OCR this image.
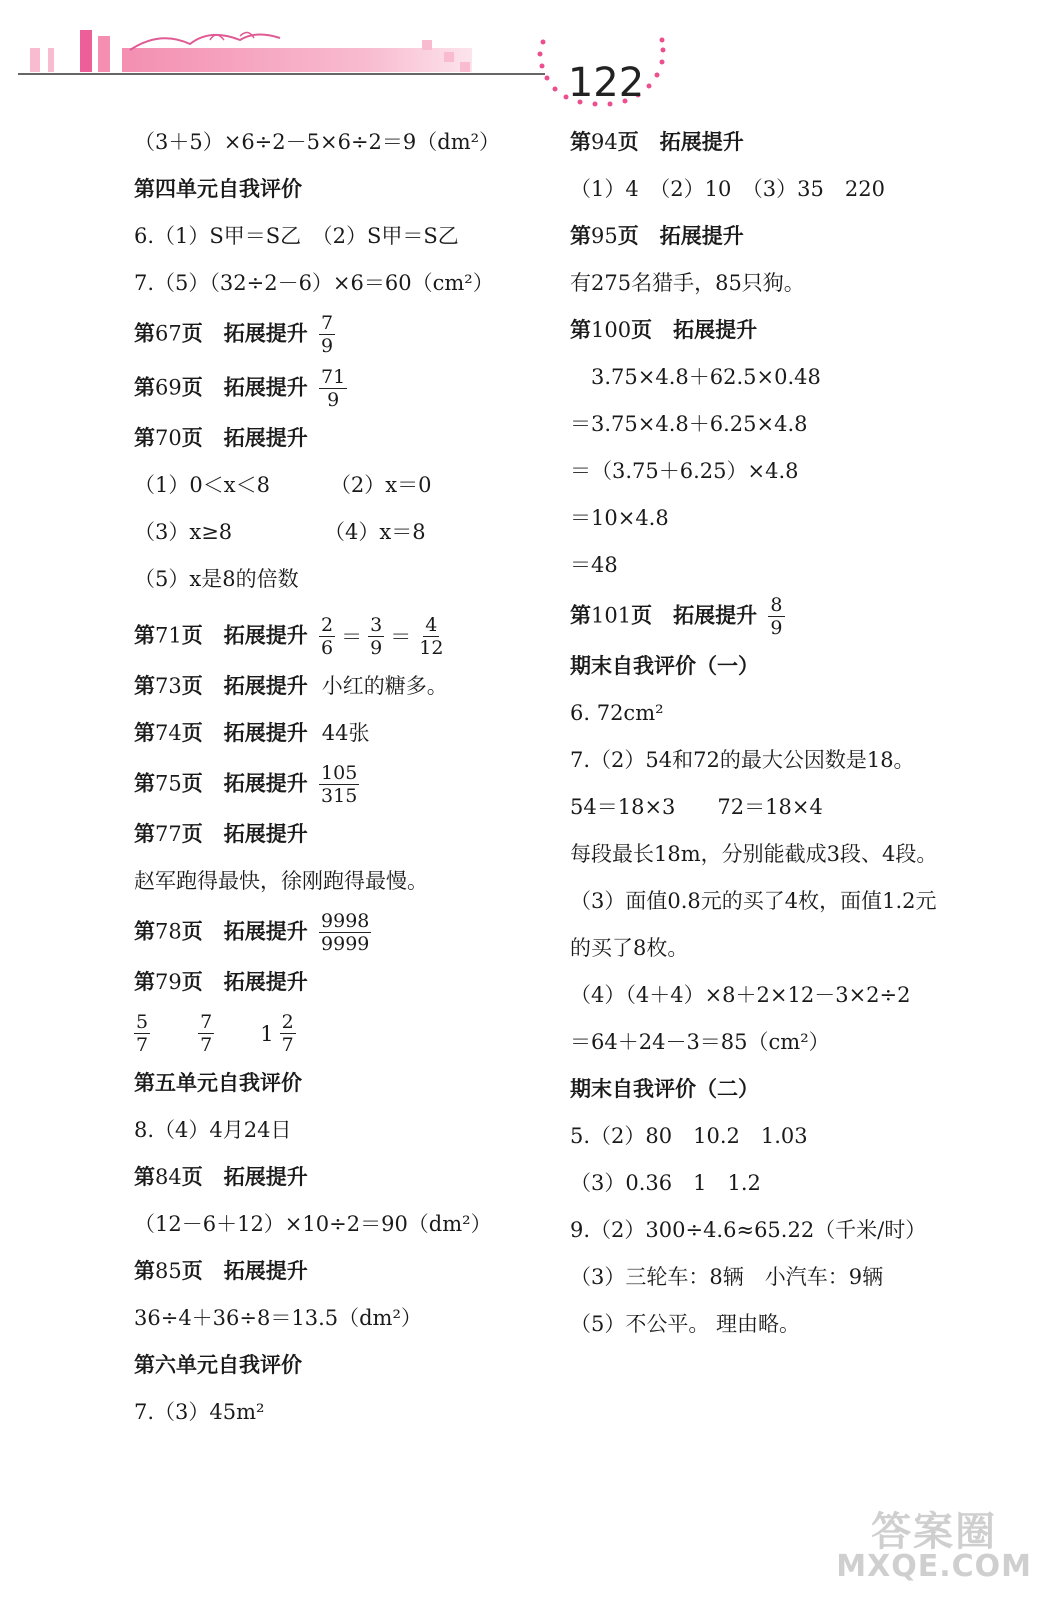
122
（3＋5）×6÷2－5×6÷2＝9（dm²）
第四单元自我评价
6.（1）S甲＝S乙　（2）S甲＝S乙
7.（5）（32÷2－6）×6＝60（cm²）
第67页　拓展提升 $\frac{7}{9}$
第69页　拓展提升 $\frac{71}{9}$
第70页　拓展提升
（1）0＜x＜8	（2）x＝0
（3）x≥8	（4）x＝8
（5）x是8的倍数
第71页　拓展提升 $\frac{2}{6} = \frac{3}{9} = \frac{4}{12}$
第73页　拓展提升 小红的糖多。
第74页　拓展提升 44张
第75页　拓展提升 $\frac{105}{315}$
第77页　拓展提升
赵军跑得最快，徐刚跑得最慢。
第78页　拓展提升 $\frac{9998}{9999}$
第79页　拓展提升
$\frac{5}{7}$	$\frac{7}{7} 1 \frac{2}{7}$
第五单元自我评价
8.（4）4月24日
第84页　拓展提升
（12－6＋12）×10÷2＝90（dm²）
第85页　拓展提升
36÷4＋36÷8＝13.5（dm²）
第六单元自我评价
7.（3）45m²
第94页　拓展提升
（1）4　（2）10　（3）35　220
第95页　拓展提升
有275名猎手，85只狗。
第100页　拓展提升
　3.75×4.8＋62.5×0.48
＝3.75×4.8＋6.25×4.8
＝（3.75＋6.25）×4.8
＝10×4.8
＝48
第101页　拓展提升 $\frac{8}{9}$
期末自我评价（一）
6. 72cm²
7.（2）54和72的最大公因数是18。
54＝18×3　　72＝18×4
每段最长18m，分别能截成3段、4段。
（3）面值0.8元的买了4枚，面值1.2元
的买了8枚。
（4）（4＋4）×8＋2×12－3×2÷2
＝64＋24－3＝85（cm²）
期末自我评价（二）
5.（2）80　10.2　1.03
（3）0.36　1　1.2
9.（2）300÷4.6≈65.22（千米/时）
（3）三轮车：8辆　小汽车：9辆
（5）不公平。 理由略。
答案圈
MXQE.COM
